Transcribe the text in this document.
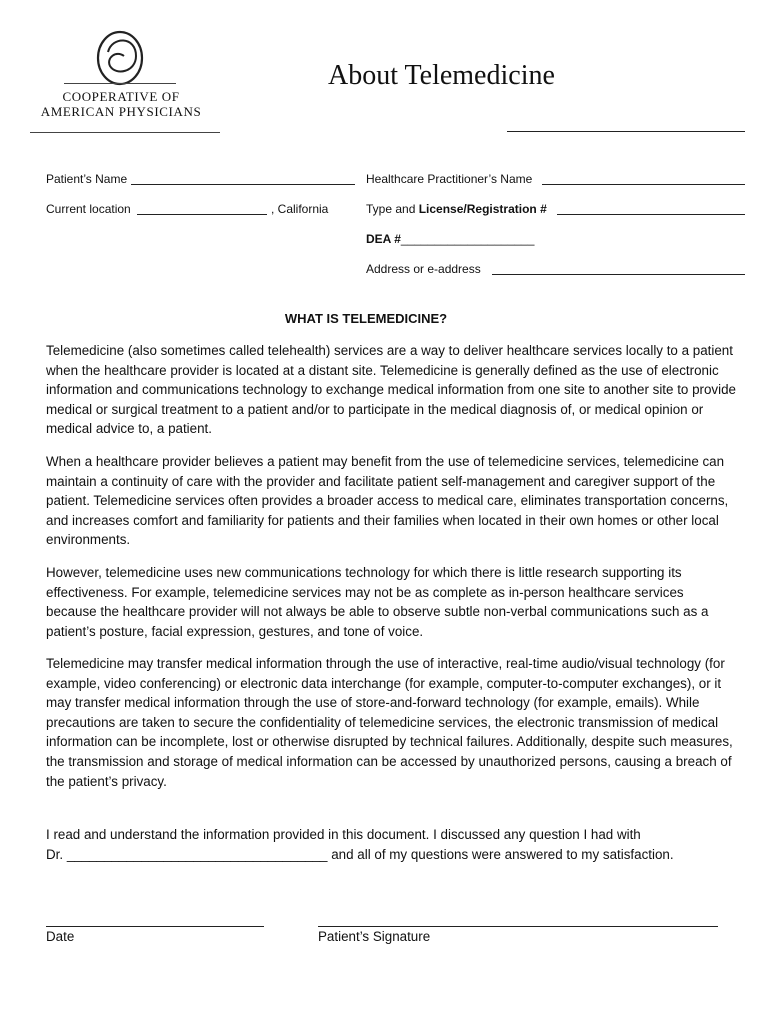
COOPERATIVE OF
AMERICAN PHYSICIANS
About Telemedicine
Patient’s Name
Current location	, California
Healthcare Practitioner’s Name
Type and License/Registration #
DEA #____________________
Address or e-address
WHAT IS TELEMEDICINE?
Telemedicine (also sometimes called telehealth) services are a way to deliver healthcare services locally to a patient when the healthcare provider is located at a distant site. Telemedicine is generally defined as the use of electronic information and communications technology to exchange medical information from one site to another site to provide medical or surgical treatment to a patient and/or to participate in the medical diagnosis of, or medical opinion or medical advice to, a patient.
When a healthcare provider believes a patient may benefit from the use of telemedicine services, telemedicine can maintain a continuity of care with the provider and facilitate patient self-management and caregiver support of the patient. Telemedicine services often provides a broader access to medical care, eliminates transportation concerns, and increases comfort and familiarity for patients and their families when located in their own homes or other local environments.
However, telemedicine uses new communications technology for which there is little research supporting its effectiveness. For example, telemedicine services may not be as complete as in-person healthcare services because the healthcare provider will not always be able to observe subtle non-verbal communications such as a patient’s posture, facial expression, gestures, and tone of voice.
Telemedicine may transfer medical information through the use of interactive, real-time audio/visual technology (for example, video conferencing) or electronic data interchange (for example, computer-to-computer exchanges), or it may transfer medical information through the use of store-and-forward technology (for example, emails). While precautions are taken to secure the confidentiality of telemedicine services, the electronic transmission of medical information can be incomplete, lost or otherwise disrupted by technical failures. Additionally, despite such measures, the transmission and storage of medical information can be accessed by unauthorized persons, causing a breach of the patient’s privacy.
I read and understand the information provided in this document. I discussed any question I had with
Dr. ___________________________________ and all of my questions were answered to my satisfaction.
Date	Patient’s Signature
